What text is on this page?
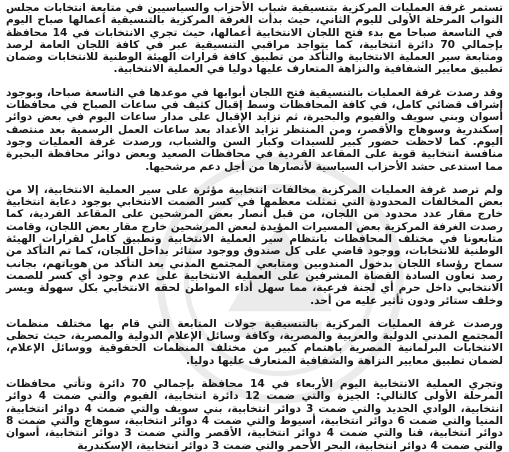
تستمر غرفة العمليات المركزية بتنسيقية شباب الأحزاب والسياسيين في متابعة انتخابات مجلس النواب المرحلة الأولى لليوم الثاني، حيث بدأت الغرفة المركزية بالتنسيقية أعمالها صباح اليوم في التاسعة صباحا مع بدء فتح اللجان الانتخابية أعمالها، حيث تجري الانتخابات في 14 محافظة بإجمالي 70 دائرة انتخابية، كما يتواجد مراقبي التنسيقية عبر في كافة اللجان العامة لرصد ومتابعة سير العملية الانتخابية والتأكد من تطبيق كافة قرارات الهيئة الوطنية للانتخابات وضمان تطبيق معايير الشفافية والنزاهة المتعارف عليها دوليا في العملية الانتخابية.

وقد رصدت غرفة العمليات بالتنسيقية فتح اللجان أبوابها في موعدها في التاسعة صباحا، وبوجود إشراف قضائي كامل، في كافة المحافظات وسط إقبال كثيف في ساعات الصباح في محافظات أسوان وبني سويف والفيوم والبحيرة، ثم تزايد الإقبال على مدار ساعات اليوم في بعض دوائر إسكندرية وسوهاج والأقصر، ومن المنتظر تزايد الأعداد بعد ساعات العمل الرسمية بعد منتصف اليوم. كما لاحظت حضور كبير للسيدات وكبار السن والشباب، ورصدت غرفة العمليات وجود منافسة انتخابية قوية على المقاعد الفردية في محافظات الصعيد وبعض دوائر محافظة البحيرة مما استدعى حشد الأحزاب السياسية لأنصارها من أجل دعم مرشحيها.

ولم ترصد غرفة العمليات المركزية مخالفات انتخابية مؤثرة على سير العملية الانتخابية، إلا من بعض المخالفات المحدودة التي تمثلت معظمها في كسر الصمت الانتخابي بوجود دعاية انتخابية خارج مقار عدد محدود من اللجان، من قبل أنصار بعض المرشحين على المقاعد الفردية، كما رصدت الغرفة المركزية بعض المسيرات المؤيدة لبعض المرشحين خارج مقار بعض اللجان، وقامت متابعونا في مختلف المحافظات بانتظام سير العملية الانتخابية وتطبيق كامل لقرارات الهيئة الوطنية للانتخابات، ووجود قاضي على كل صندوق ووجود ستائر بداخل اللجان، كما تم التأكد من سماح رؤساء اللجان بدخول المندوبين ومتابعي المجتمع المدني بعد التأكد من هوياتهم، بجانب رصد تعاون السادة القضاة المشرفين على العملية الانتخابية على عدم وجود أي كسر للصمت الانتخابي داخل حرم أي لجنة فرعية، مما سهل أداء المواطن لحقه الانتخابي بكل سهولة ويسر وخلف ستائر ودون تأثير عليه من أحد.

ورصدت غرفة العمليات المركزية بالتنسيقية جولات المتابعة التي قام بها مختلف منظمات المجتمع المدني الدولية والعربية والمصرية، وكافة وسائل الإعلام الدولية والمصرية، حيث تحظى الانتخابات البرلمانية المصرية باهتمام كبير من مختلف المنظمات الحقوقية ووسائل الإعلام، لضمان تطبيق معايير النزاهة والشفافية المتعارف عليها دوليا.

وتجري العملية الانتخابية اليوم الأربعاء في 14 محافظة بإجمالي 70 دائرة وتأتي محافظات المرحلة الأولى كالتالي: الجيزة والتي ضمت 12 دائرة انتخابية، الفيوم والتي ضمت 4 دوائر انتخابية، الوادي الجديد والتي ضمت 3 دوائر انتخابية، بني سويف والتي ضمت 4 دوائر انتخابية، المنيا والتي ضمت 6 دوائر انتخابية، أسيوط والتي ضمت 4 دوائر انتخابية، سوهاج والتي ضمت 8 دوائر انتخابية، قنا والتي ضمت 4 دوائر انتخابية، الأقصر والتي ضمت 3 دوائر انتخابية، أسوان والتي ضمت 4 دوائر انتخابية، البحر الأحمر والتي ضمت 3 دوائر انتخابية، الإسكندرية
